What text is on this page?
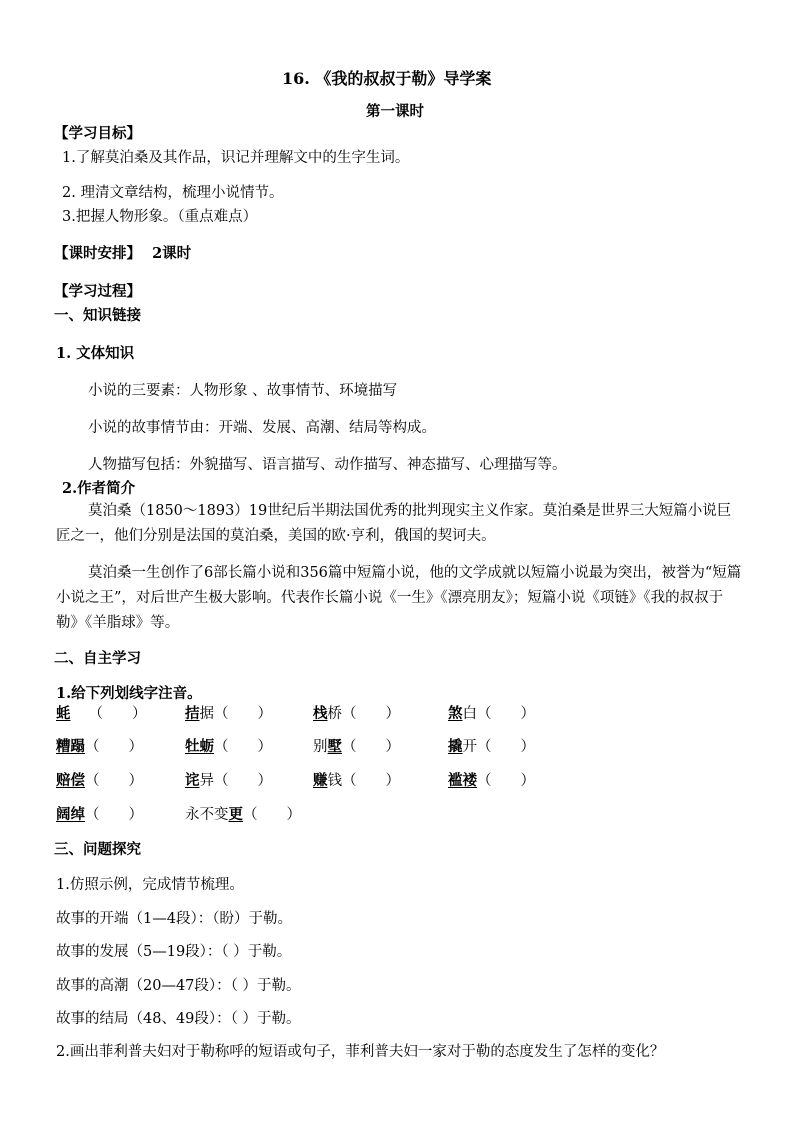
16. 《我的叔叔于勒》导学案
第一课时
【学习目标】
1.了解莫泊桑及其作品，识记并理解文中的生字生词。
2. 理清文章结构，梳理小说情节。
3.把握人物形象。（重点难点）
【课时安排】 2课时
【学习过程】
一、知识链接
1. 文体知识
小说的三要素：人物形象 、故事情节、环境描写
小说的故事情节由：开端、发展、高潮、结局等构成。
人物描写包括：外貌描写、语言描写、动作描写、神态描写、心理描写等。
2.作者简介
莫泊桑（1850～1893）19世纪后半期法国优秀的批判现实主义作家。莫泊桑是世界三大短篇小说巨匠之一，他们分别是法国的莫泊桑，美国的欧·亨利，俄国的契诃夫。
莫泊桑一生创作了6部长篇小说和356篇中短篇小说，他的文学成就以短篇小说最为突出，被誉为“短篇小说之王”，对后世产生极大影响。代表作长篇小说《一生》《漂亮朋友》；短篇小说《项链》《我的叔叔于勒》《羊脂球》等。
二、自主学习
1.给下列划线字注音。
蚝 （　　）	拮据（　　）	栈桥（　　）	煞白（　　）
糟蹋（　　）	牡蛎（　　）	别墅（　　）	撬开（　　）
赔偿（　　）	诧异（　　）	赚钱（　　）	褴褛（　　）
阔绰（　　）	永不变更（　　）
三、问题探究
1.仿照示例，完成情节梳理。
故事的开端（1—4段）：（盼）于勒。
故事的发展（5—19段）：（ ）于勒。
故事的高潮（20—47段）：（ ）于勒。
故事的结局（48、49段）：（ ）于勒。
2.画出菲利普夫妇对于勒称呼的短语或句子，菲利普夫妇一家对于勒的态度发生了怎样的变化？
